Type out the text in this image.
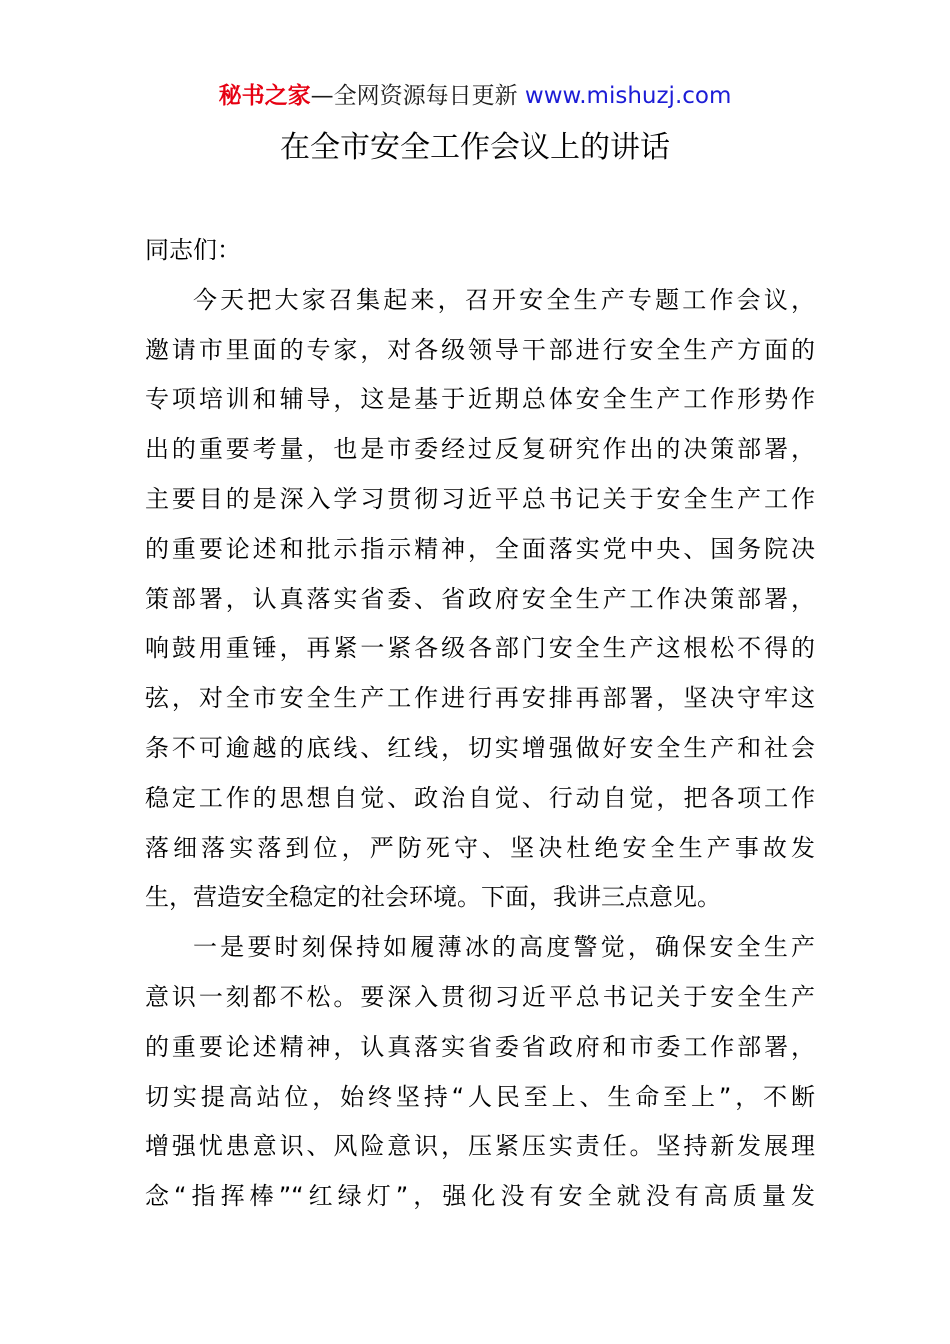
秘书之家—全网资源每日更新 www.mishuzj.com
在全市安全工作会议上的讲话

同志们：

今天把大家召集起来，召开安全生产专题工作会议，
邀请市里面的专家，对各级领导干部进行安全生产方面的
专项培训和辅导，这是基于近期总体安全生产工作形势作
出的重要考量，也是市委经过反复研究作出的决策部署，
主要目的是深入学习贯彻习近平总书记关于安全生产工作
的重要论述和批示指示精神，全面落实党中央、国务院决
策部署，认真落实省委、省政府安全生产工作决策部署，
响鼓用重锤，再紧一紧各级各部门安全生产这根松不得的
弦，对全市安全生产工作进行再安排再部署，坚决守牢这
条不可逾越的底线、红线，切实增强做好安全生产和社会
稳定工作的思想自觉、政治自觉、行动自觉，把各项工作
落细落实落到位，严防死守、坚决杜绝安全生产事故发
生，营造安全稳定的社会环境。下面，我讲三点意见。

一是要时刻保持如履薄冰的高度警觉，确保安全生产
意识一刻都不松。要深入贯彻习近平总书记关于安全生产
的重要论述精神，认真落实省委省政府和市委工作部署，
切实提高站位，始终坚持“人民至上、生命至上”，不断
增强忧患意识、风险意识，压紧压实责任。坚持新发展理
念“指挥棒”“红绿灯”，强化没有安全就没有高质量发
